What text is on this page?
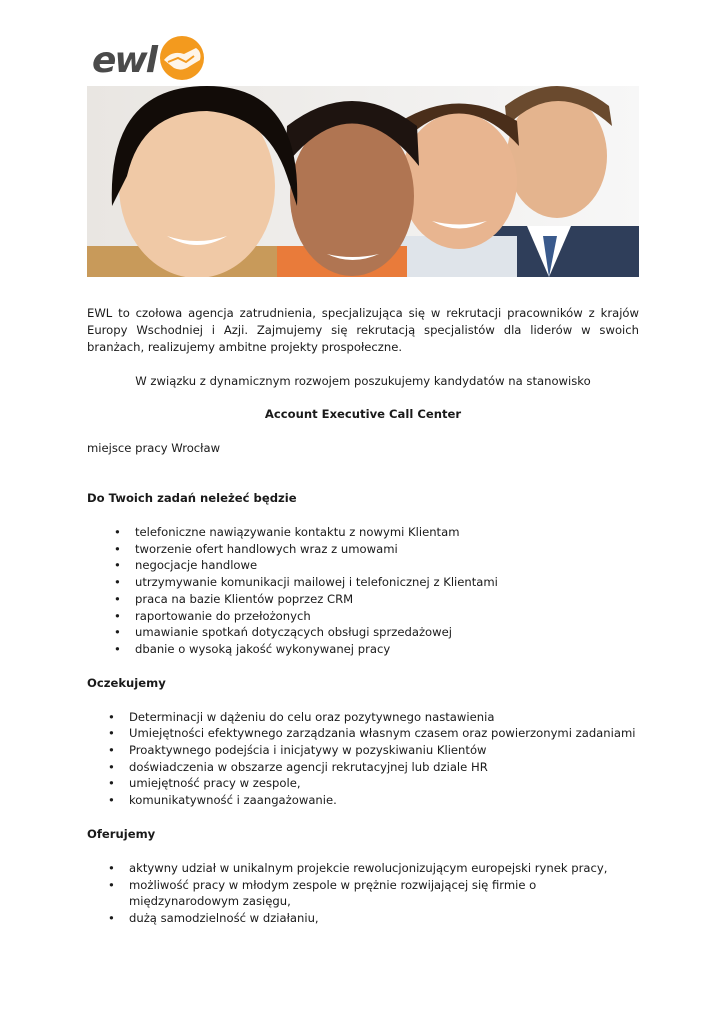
ewl

EWL to czołowa agencja zatrudnienia, specjalizująca się w rekrutacji pracowników z krajów Europy Wschodniej i Azji. Zajmujemy się rekrutacją specjalistów dla liderów w swoich branżach, realizujemy ambitne projekty prospołeczne.

W związku z dynamicznym rozwojem poszukujemy kandydatów na stanowisko

Account Executive Call Center

miejsce pracy Wrocław

Do Twoich zadań neleżeć będzie

• telefoniczne nawiązywanie kontaktu z nowymi Klientam
• tworzenie ofert handlowych wraz z umowami
• negocjacje handlowe
• utrzymywanie komunikacji mailowej i telefonicznej z Klientami
• praca na bazie Klientów poprzez CRM
• raportowanie do przełożonych
• umawianie spotkań dotyczących obsługi sprzedażowej
• dbanie o wysoką jakość wykonywanej pracy

Oczekujemy

• Determinacji w dążeniu do celu oraz pozytywnego nastawienia
• Umiejętności efektywnego zarządzania własnym czasem oraz powierzonymi zadaniami
• Proaktywnego podejścia i inicjatywy w pozyskiwaniu Klientów
• doświadczenia w obszarze agencji rekrutacyjnej lub dziale HR
• umiejętność pracy w zespole,
• komunikatywność i zaangażowanie.

Oferujemy

• aktywny udział w unikalnym projekcie rewolucjonizującym europejski rynek pracy,
• możliwość pracy w młodym zespole w prężnie rozwijającej się firmie o międzynarodowym zasięgu,
• dużą samodzielność w działaniu,
